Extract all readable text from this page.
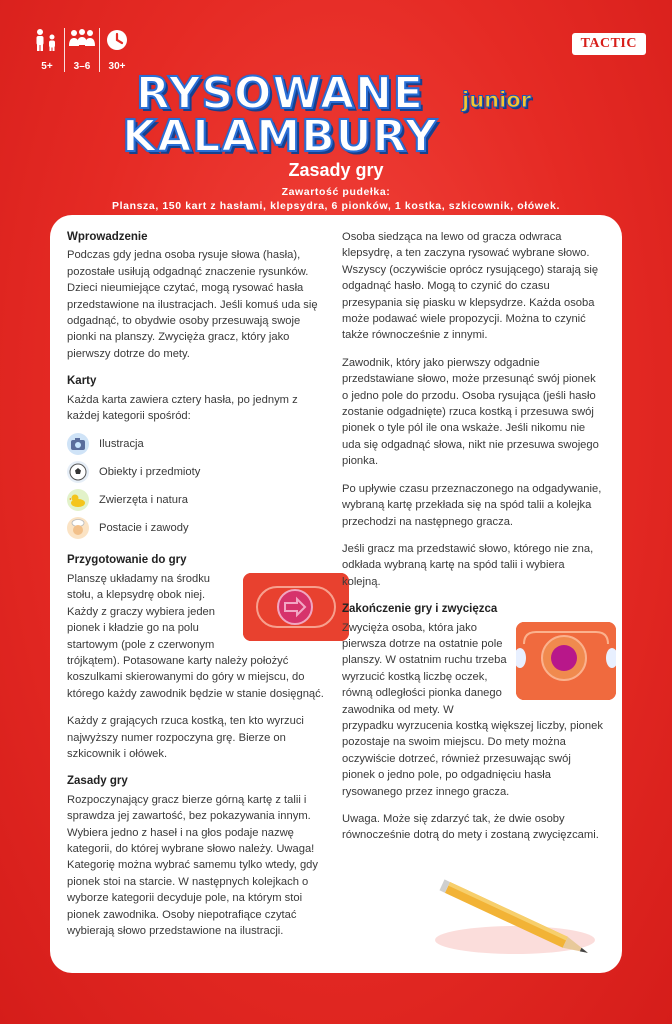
5+ 3–6 30+
TACTIC
RYSOWANE
KALAMBURY
junior
Zasady gry
Zawartość pudełka:
Plansza, 150 kart z hasłami, klepsydra, 6 pionków, 1 kostka, szkicownik, ołówek.
Wprowadzenie

Podczas gdy jedna osoba rysuje słowa (hasła), pozostałe usiłują odgadnąć znaczenie rysunków. Dzieci nieumiejące czytać, mogą rysować hasła przedstawione na ilustracjach. Jeśli komuś uda się odgadnąć, to obydwie osoby przesuwają swoje pionki na planszy. Zwycięża gracz, który jako pierwszy dotrze do mety.

Karty

Każda karta zawiera cztery hasła, po jednym z każdej kategorii spośród:

Ilustracja
Obiekty i przedmioty
Zwierzęta i natura
Postacie i zawody
Przygotowanie do gry

Planszę układamy na środku stołu, a klepsydrę obok niej. Każdy z graczy wybiera jeden pionek i kładzie go na polu startowym (pole z czerwonym trójkątem). Potasowane karty należy położyć koszulkami skierowanymi do góry w miejscu, do którego każdy zawodnik będzie w stanie dosięgnąć.

Każdy z grających rzuca kostką, ten kto wyrzuci najwyższy numer rozpoczyna grę. Bierze on szkicownik i ołówek.

Zasady gry

Rozpoczynający gracz bierze górną kartę z talii i sprawdza jej zawartość, bez pokazywania innym. Wybiera jedno z haseł i na głos podaje nazwę kategorii, do której wybrane słowo należy. Uwaga! Kategorię można wybrać samemu tylko wtedy, gdy pionek stoi na starcie. W następnych kolejkach o wyborze kategorii decyduje pole, na którym stoi pionek zawodnika. Osoby niepotrafiące czytać wybierają słowo przedstawione na ilustracji.

Osoba siedząca na lewo od gracza odwraca klepsydrę, a ten zaczyna rysować wybrane słowo. Wszyscy (oczywiście oprócz rysującego) starają się odgadnąć hasło. Mogą to czynić do czasu przesypania się piasku w klepsydrze. Każda osoba może podawać wiele propozycji. Można to czynić także równocześnie z innymi.

Zawodnik, który jako pierwszy odgadnie przedstawiane słowo, może przesunąć swój pionek o jedno pole do przodu. Osoba rysująca (jeśli hasło zostanie odgadnięte) rzuca kostką i przesuwa swój pionek o tyle pól ile ona wskaże. Jeśli nikomu nie uda się odgadnąć słowa, nikt nie przesuwa swojego pionka.

Po upływie czasu przeznaczonego na odgadywanie, wybraną kartę przekłada się na spód talii a kolejka przechodzi na następnego gracza.

Jeśli gracz ma przedstawić słowo, którego nie zna, odkłada wybraną kartę na spód talii i wybiera kolejną.

Zakończenie gry i zwycięzca

Zwycięża osoba, która jako pierwsza dotrze na ostatnie pole planszy. W ostatnim ruchu trzeba wyrzucić kostką liczbę oczek, równą odległości pionka danego zawodnika od mety. W przypadku wyrzucenia kostką większej liczby, pionek pozostaje na swoim miejscu. Do mety można oczywiście dotrzeć, również przesuwając swój pionek o jedno pole, po odgadnięciu hasła rysowanego przez innego gracza.

Uwaga. Może się zdarzyć tak, że dwie osoby równocześnie dotrą do mety i zostaną zwycięzcami.
